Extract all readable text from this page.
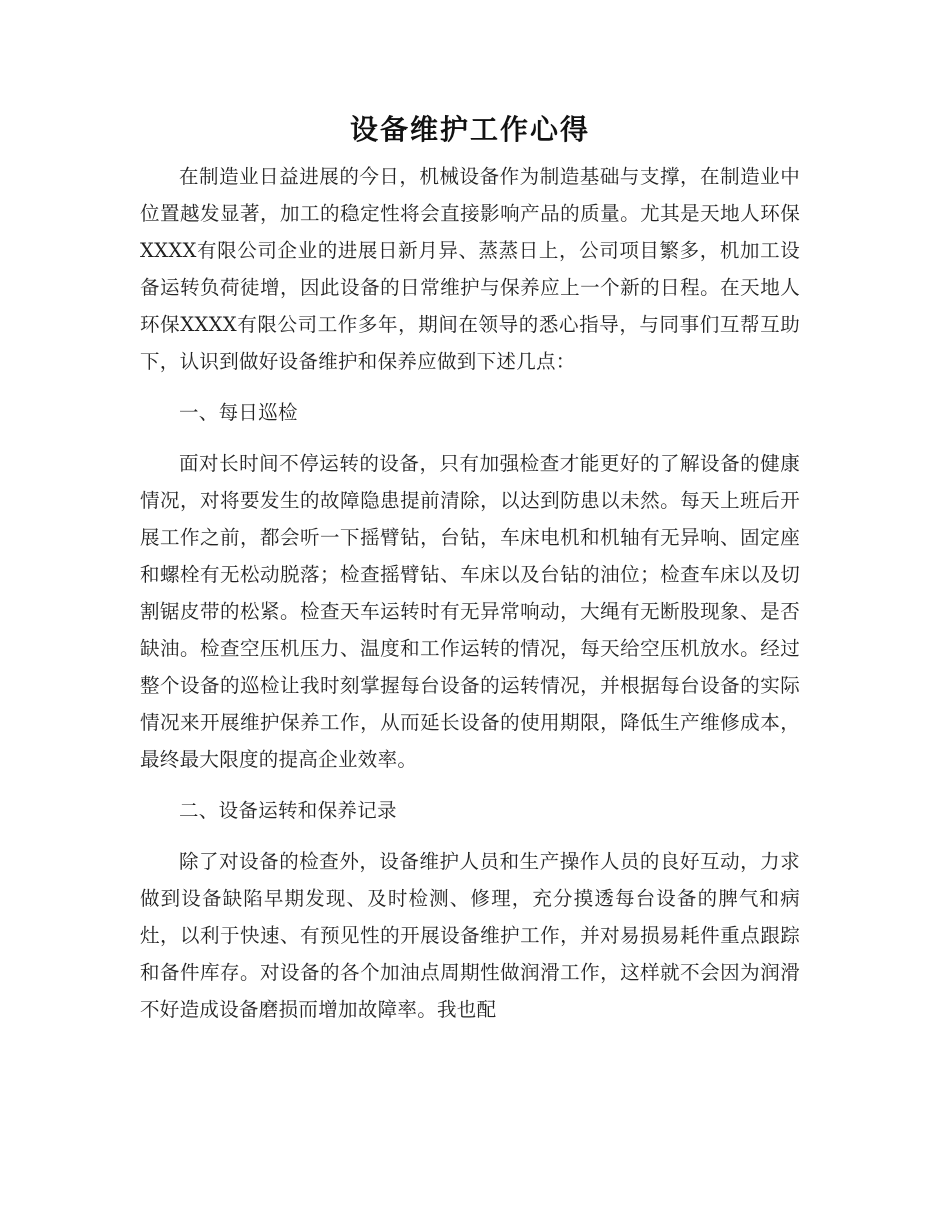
设备维护工作心得

在制造业日益进展的今日，机械设备作为制造基础与支撑，在制造业中位置越发显著，加工的稳定性将会直接影响产品的质量。尤其是天地人环保XXXX有限公司企业的进展日新月异、蒸蒸日上，公司项目繁多，机加工设备运转负荷徒增，因此设备的日常维护与保养应上一个新的日程。在天地人环保XXXX有限公司工作多年，期间在领导的悉心指导，与同事们互帮互助下，认识到做好设备维护和保养应做到下述几点：

一、每日巡检

面对长时间不停运转的设备，只有加强检查才能更好的了解设备的健康情况，对将要发生的故障隐患提前清除，以达到防患以未然。每天上班后开展工作之前，都会听一下摇臂钻，台钻，车床电机和机轴有无异响、固定座和螺栓有无松动脱落；检查摇臂钻、车床以及台钻的油位；检查车床以及切割锯皮带的松紧。检查天车运转时有无异常响动，大绳有无断股现象、是否缺油。检查空压机压力、温度和工作运转的情况，每天给空压机放水。经过整个设备的巡检让我时刻掌握每台设备的运转情况，并根据每台设备的实际情况来开展维护保养工作，从而延长设备的使用期限，降低生产维修成本，最终最大限度的提高企业效率。

二、设备运转和保养记录

除了对设备的检查外，设备维护人员和生产操作人员的良好互动，力求做到设备缺陷早期发现、及时检测、修理，充分摸透每台设备的脾气和病灶，以利于快速、有预见性的开展设备维护工作，并对易损易耗件重点跟踪和备件库存。对设备的各个加油点周期性做润滑工作，这样就不会因为润滑不好造成设备磨损而增加故障率。我也配
